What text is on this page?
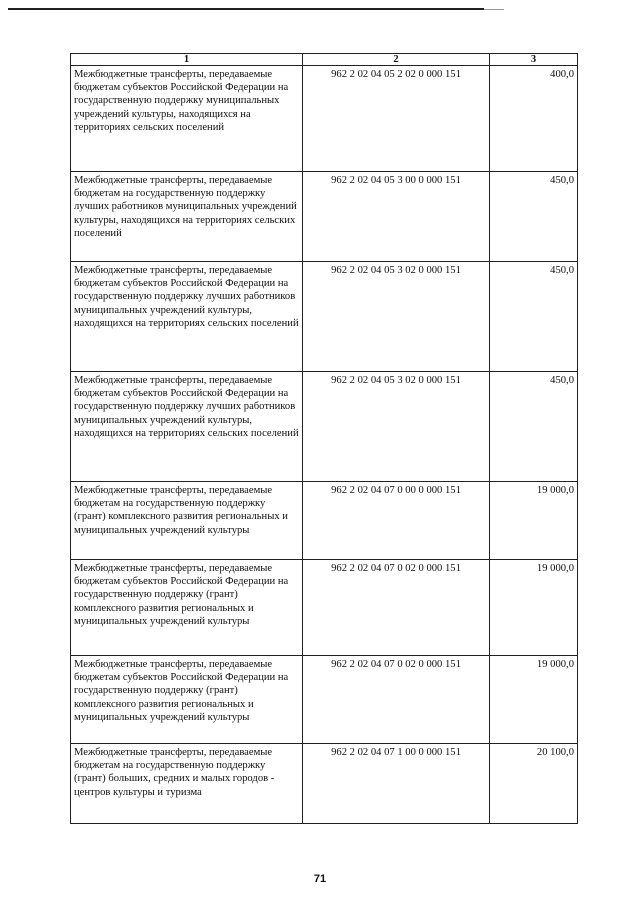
1	2	3
Межбюджетные трансферты, передаваемые бюджетам субъектов Российской Федерации на государственную поддержку муниципальных учреждений культуры, находящихся на территориях сельских поселений	962 2 02 04 05 2 02 0 000 151	400,0
Межбюджетные трансферты, передаваемые бюджетам на государственную поддержку лучших работников муниципальных учреждений культуры, находящихся на территориях сельских поселений	962 2 02 04 05 3 00 0 000 151	450,0
Межбюджетные трансферты, передаваемые бюджетам субъектов Российской Федерации на государственную поддержку лучших работников муниципальных учреждений культуры, находящихся на территориях сельских поселений	962 2 02 04 05 3 02 0 000 151	450,0
Межбюджетные трансферты, передаваемые бюджетам субъектов Российской Федерации на государственную поддержку лучших работников муниципальных учреждений культуры, находящихся на территориях сельских поселений	962 2 02 04 05 3 02 0 000 151	450,0
Межбюджетные трансферты, передаваемые бюджетам на государственную поддержку (грант) комплексного развития региональных и муниципальных учреждений культуры	962 2 02 04 07 0 00 0 000 151	19 000,0
Межбюджетные трансферты, передаваемые бюджетам субъектов Российской Федерации на государственную поддержку (грант) комплексного развития региональных и муниципальных учреждений культуры	962 2 02 04 07 0 02 0 000 151	19 000,0
Межбюджетные трансферты, передаваемые бюджетам субъектов Российской Федерации на государственную поддержку (грант) комплексного развития региональных и муниципальных учреждений культуры	962 2 02 04 07 0 02 0 000 151	19 000,0
Межбюджетные трансферты, передаваемые бюджетам на государственную поддержку (грант) больших, средних и малых городов - центров культуры и туризма	962 2 02 04 07 1 00 0 000 151	20 100,0
71
